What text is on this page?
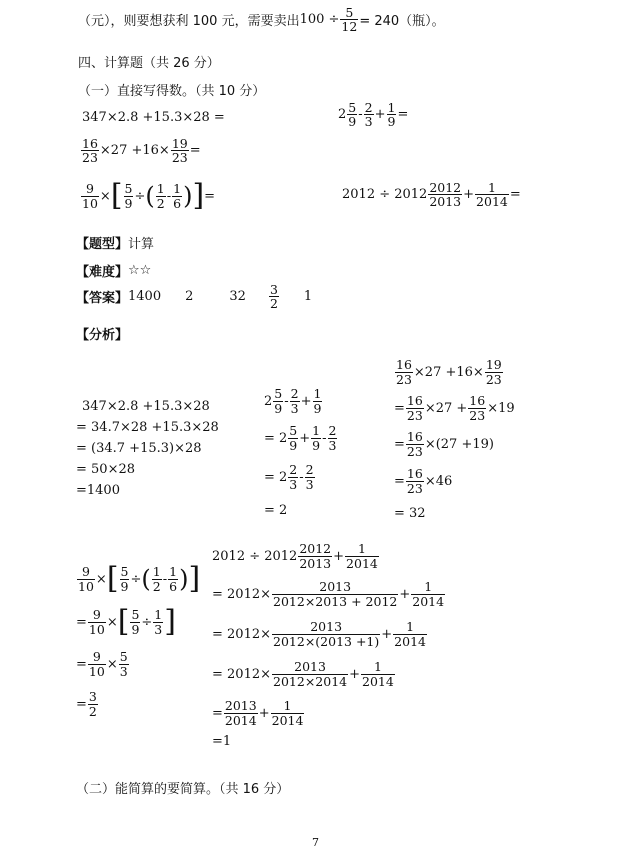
（元），则要想获利 100 元，需要卖出 $100 \div \frac{5}{12} = 240$（瓶）。
四、计算题（共 26 分）
（一）直接写得数。（共 10 分）
347×2.8 +15.3×28 =	$2 \frac{5}{9} - \frac{2}{3} + \frac{1}{9}$ =
$\frac{16}{23} \times 27 +16\times \frac{19}{23}$ =
$\frac{9}{10}$ × [ $\frac{5}{9}$ ÷ ( $\frac{1}{2} - \frac{1}{6}$ ) ] =	$2012 \div 2012 \frac{2012}{2013} + \frac{1}{2014}$ =
【题型】 计算
【难度】 ☆☆
【答案】 1400 2	$32 \frac{3}{2} 1$
【分析】
347×2.8 +15.3×28
= 34.7×28 +15.3×28
= (34.7 +15.3)×28
= 50×28
=1400
$2 \frac{5}{9} - \frac{2}{3} + \frac{1}{9}$
= $2 \frac{5}{9} + \frac{1}{9} - \frac{2}{3}$
= $2 \frac{2}{3} - \frac{2}{3}$
= 2
$\frac{16}{23} \times 27 +16\times \frac{19}{23}$
= $\frac{16}{23} \times 27 + \frac{16}{23} \times 19$
= $\frac{16}{23} \times(27 +19)$
= $\frac{16}{23} \times 46$
= 32
$\frac{9}{10}$ × [ $\frac{5}{9}$ ÷ ( $\frac{1}{2} - \frac{1}{6}$ ) ]
= $\frac{9}{10}$ × [ $\frac{5}{9} \div \frac{1}{3}$ ]
= $\frac{9}{10} \times \frac{5}{3}$
= $\frac{3}{2}$
$2012 \div 2012 \frac{2012}{2013} + \frac{1}{2014}$
= $2012\times \frac{2013}{2012\times 2013 + 2012} + \frac{1}{2014}$
= $2012\times \frac{2013}{2012\times(2013 +1)} + \frac{1}{2014}$
= $2012\times \frac{2013}{2012\times 2014} + \frac{1}{2014}$
= $\frac{2013}{2014} + \frac{1}{2014}$
=1
（二）能简算的要简算。（共 16 分）
7
